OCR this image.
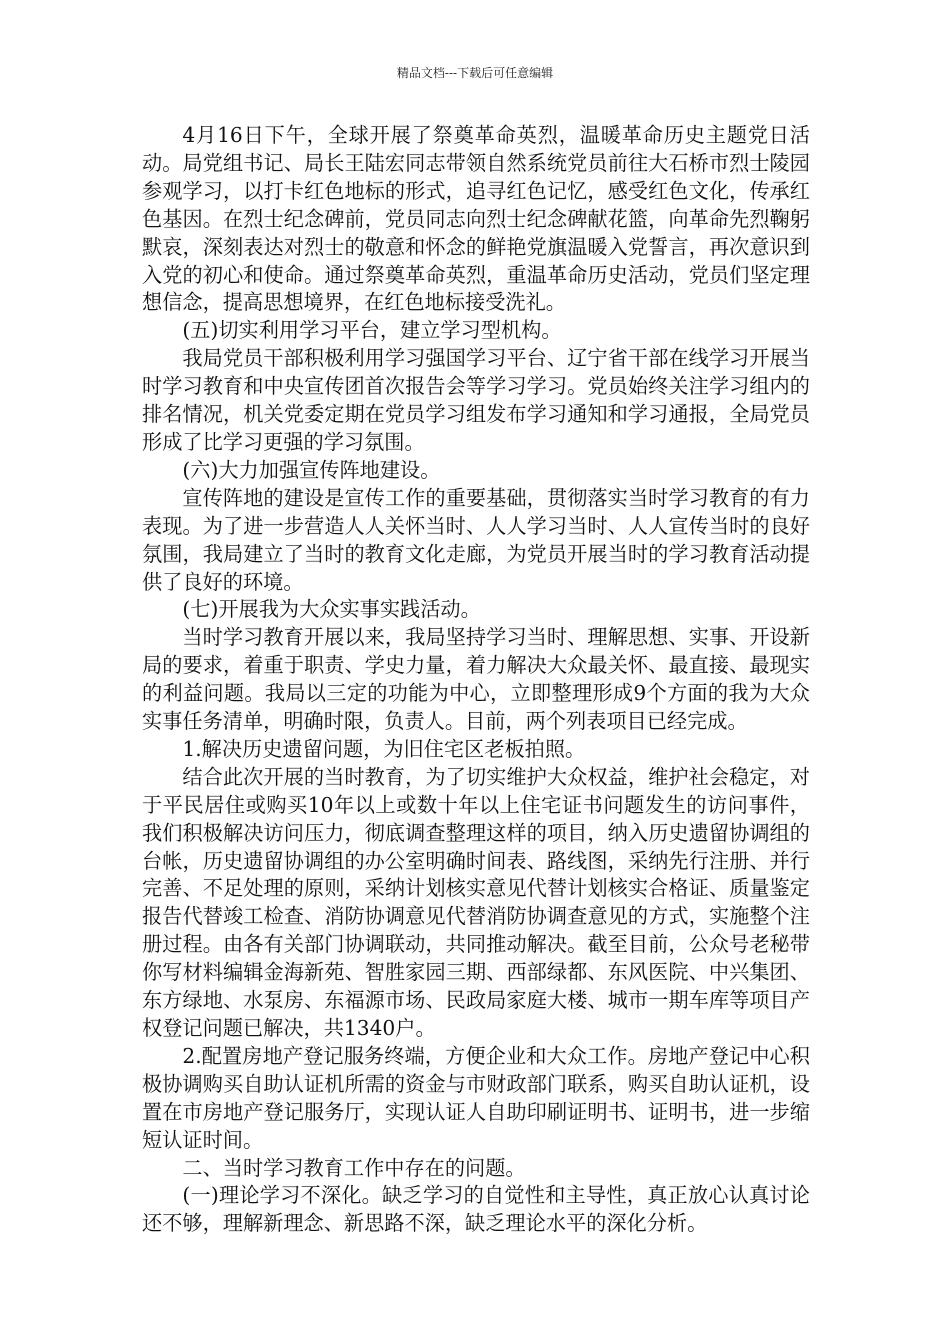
精品文档---下载后可任意编辑

4月16日下午，全球开展了祭奠革命英烈，温暖革命历史主题党日活动。局党组书记、局长王陆宏同志带领自然系统党员前往大石桥市烈士陵园参观学习，以打卡红色地标的形式，追寻红色记忆，感受红色文化，传承红色基因。在烈士纪念碑前，党员同志向烈士纪念碑献花篮，向革命先烈鞠躬默哀，深刻表达对烈士的敬意和怀念的鲜艳党旗温暖入党誓言，再次意识到入党的初心和使命。通过祭奠革命英烈，重温革命历史活动，党员们坚定理想信念，提高思想境界，在红色地标接受洗礼。

(五)切实利用学习平台，建立学习型机构。

我局党员干部积极利用学习强国学习平台、辽宁省干部在线学习开展当时学习教育和中央宣传团首次报告会等学习学习。党员始终关注学习组内的排名情况，机关党委定期在党员学习组发布学习通知和学习通报，全局党员形成了比学习更强的学习氛围。

(六)大力加强宣传阵地建设。

宣传阵地的建设是宣传工作的重要基础，贯彻落实当时学习教育的有力表现。为了进一步营造人人关怀当时、人人学习当时、人人宣传当时的良好氛围，我局建立了当时的教育文化走廊，为党员开展当时的学习教育活动提供了良好的环境。

(七)开展我为大众实事实践活动。

当时学习教育开展以来，我局坚持学习当时、理解思想、实事、开设新局的要求，着重于职责、学史力量，着力解决大众最关怀、最直接、最现实的利益问题。我局以三定的功能为中心，立即整理形成9个方面的我为大众实事任务清单，明确时限，负责人。目前，两个列表项目已经完成。

1.解决历史遗留问题，为旧住宅区老板拍照。

结合此次开展的当时教育，为了切实维护大众权益，维护社会稳定，对于平民居住或购买10年以上或数十年以上住宅证书问题发生的访问事件，我们积极解决访问压力，彻底调查整理这样的项目，纳入历史遗留协调组的台帐，历史遗留协调组的办公室明确时间表、路线图，采纳先行注册、并行完善、不足处理的原则，采纳计划核实意见代替计划核实合格证、质量鉴定报告代替竣工检查、消防协调意见代替消防协调查意见的方式，实施整个注册过程。由各有关部门协调联动，共同推动解决。截至目前，公众号老秘带你写材料编辑金海新苑、智胜家园三期、西部绿都、东风医院、中兴集团、东方绿地、水泵房、东福源市场、民政局家庭大楼、城市一期车库等项目产权登记问题已解决，共1340户。

2.配置房地产登记服务终端，方便企业和大众工作。房地产登记中心积极协调购买自助认证机所需的资金与市财政部门联系，购买自助认证机，设置在市房地产登记服务厅，实现认证人自助印刷证明书、证明书，进一步缩短认证时间。

二、当时学习教育工作中存在的问题。

(一)理论学习不深化。缺乏学习的自觉性和主导性，真正放心认真讨论还不够，理解新理念、新思路不深，缺乏理论水平的深化分析。
